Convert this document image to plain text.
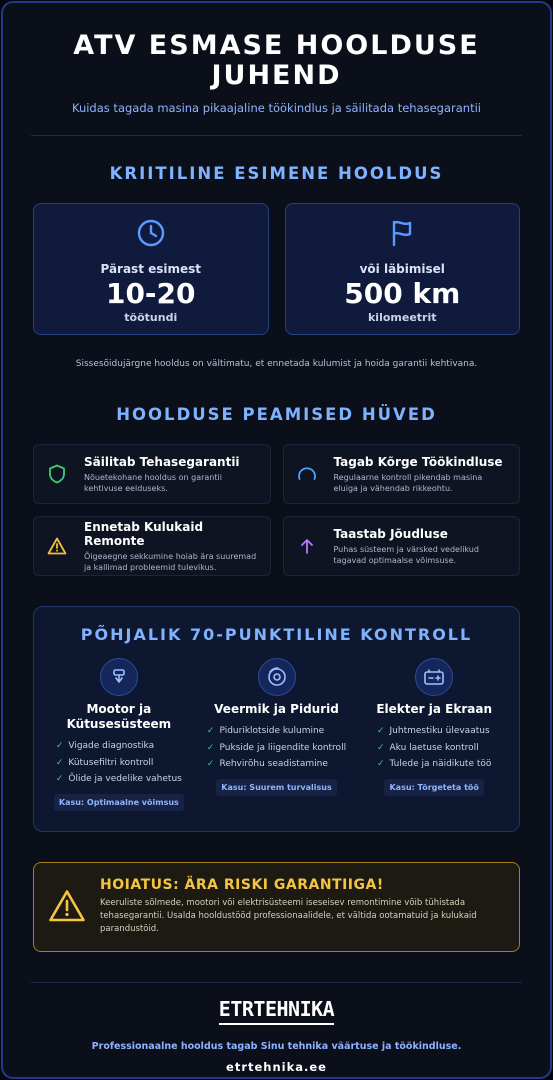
ATV ESMASE HOOLDUSE JUHEND
Kuidas tagada masina pikaajaline töökindlus ja säilitada tehasegarantii
KRIITILINE ESIMENE HOOLDUS
Pärast esimest
10-20
töötundi
või läbimisel
500 km
kilomeetrit
Sissesõidujärgne hooldus on vältimatu, et ennetada kulumist ja hoida garantii kehtivana.
HOOLDUSE PEAMISED HÜVED
Säilitab Tehasegarantii
Nõuetekohane hooldus on garantii kehtivuse eelduseks.
Tagab Kõrge Töökindluse
Regulaarne kontroll pikendab masina eluiga ja vähendab rikkeohtu.
Ennetab Kulukaid Remonte
Õigeaegne sekkumine hoiab ära suuremad ja kallimad probleemid tulevikus.
Taastab Jõudluse
Puhas süsteem ja värsked vedelikud tagavad optimaalse võimsuse.
PÕHJALIK 70-PUNKTILINE KONTROLL
Mootor ja Kütusesüsteem
✓ Vigade diagnostika
✓ Kütusefiltri kontroll
✓ Õlide ja vedelike vahetus
Kasu: Optimaalne võimsus
Veermik ja Pidurid
✓ Piduriklotside kulumine
✓ Pukside ja liigendite kontroll
✓ Rehvirõhu seadistamine
Kasu: Suurem turvalisus
Elekter ja Ekraan
✓ Juhtmestiku ülevaatus
✓ Aku laetuse kontroll
✓ Tulede ja näidikute töö
Kasu: Tõrgeteta töö
HOIATUS: ÄRA RISKI GARANTIIGA!
Keeruliste sõlmede, mootori või elektrisüsteemi iseseisev remontimine võib tühistada tehasegarantii. Usalda hooldustööd professionaalidele, et vältida ootamatuid ja kulukaid parandustöid.
ETRTEHNIKA
Professionaalne hooldus tagab Sinu tehnika väärtuse ja töökindluse.
etrtehnika.ee
